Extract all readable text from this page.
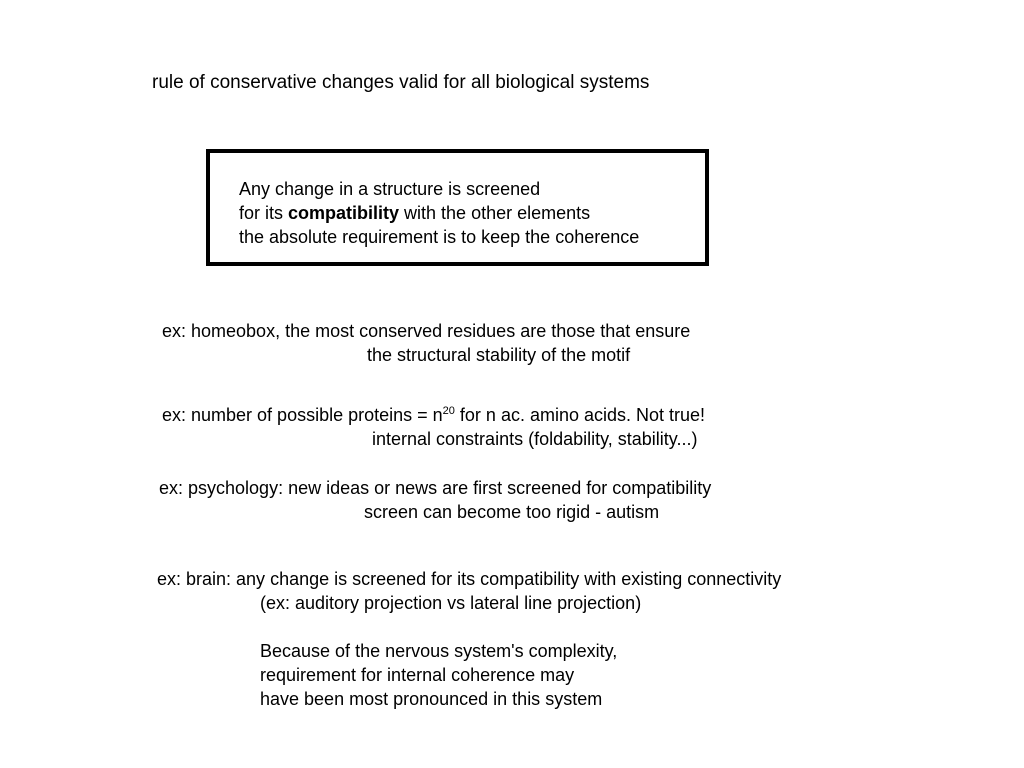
rule of conservative changes valid for all biological systems

Any change in a structure is screened

for its compatibility with the other elements

the absolute requirement is to keep the coherence

ex: homeobox, the most conserved residues are those that ensure

the structural stability of the motif

ex: number of possible proteins = $n^{20}$ for n ac. amino acids. Not true!

internal constraints (foldability, stability...)

ex: psychology: new ideas or news are first screened for compatibility

screen can become too rigid - autism

ex: brain: any change is screened for its compatibility with existing connectivity

(ex: auditory projection vs lateral line projection)

Because of the nervous system's complexity,

requirement for internal coherence may

have been most pronounced in this system
